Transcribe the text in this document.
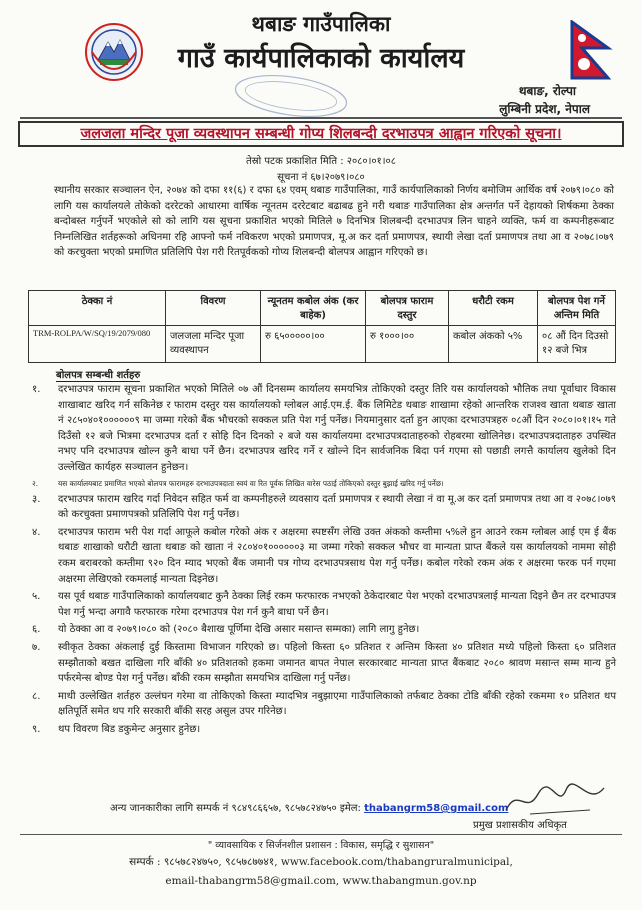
थबाङ गाउँपालिका
गाउँ कार्यपालिकाको कार्यालय
थबाङ, रोल्पा
लुम्बिनी प्रदेश, नेपाल
जलजला मन्दिर पूजा व्यवस्थापन सम्बन्धी गोप्य शिलबन्दी दरभाउपत्र आह्वान गरिएको सूचना।
तेस्रो पटक प्रकाशित मिति : २०८०।०१।०८
सूचना नं ६७।२०७९।०८०
स्थानीय सरकार सञ्चालन ऐन, २०७४ को दफा ११(६) र दफा ६४ एवम् थबाङ गाउँपालिका, गाउँ कार्यपालिकाको निर्णय बमोजिम आर्थिक वर्ष २०७९।०८० को लागि यस कार्यालयले तोकेको दररेटको आधारमा वार्षिक न्यूनतम दररेटबाट बढाबढ हुने गरी थबाङ गाउँपालिका क्षेत्र अन्तर्गत पर्ने देहायको शिर्षकमा ठेक्का बन्दोबस्त गर्नुपर्ने भएकोले सो को लागि यस सूचना प्रकाशित भएको मितिले ७ दिनभित्र शिलबन्दी दरभाउपत्र लिन चाहने व्यक्ति, फर्म वा कम्पनीहरूबाट निम्नलिखित शर्तहरूको अधिनमा रहि आफ्नो फर्म नविकरण भएको प्रमाणपत्र, मू.अ कर दर्ता प्रमाणपत्र, स्थायी लेखा दर्ता प्रमाणपत्र तथा आ व २०७८।०७९ को करचुक्ता भएको प्रमाणित प्रतिलिपि पेश गरी रितपूर्वकको गोप्य शिलबन्दी बोलपत्र आह्वान गरिएको छ।
ठेक्का नं	विवरण	न्यूनतम कबोल अंक (कर बाहेक)	बोलपत्र फाराम दस्तुर	धरौटी रकम	बोलपत्र पेश गर्ने अन्तिम मिति
TRM-ROLPA/W/SQ/19/2079/080	जलजला मन्दिर पूजा व्यवस्थापन	रु ६५०००००।००	रु १०००।००	कबोल अंकको ५%	०८ औं दिन दिउसो १२ बजे भित्र
बोलपत्र सम्बन्धी शर्तहरु
१. दरभाउपत्र फाराम सूचना प्रकाशित भएको मितिले ०७ औं दिनसम्म कार्यालय समयभित्र तोकिएको दस्तुर तिरि यस कार्यालयको भौतिक तथा पूर्वाधार विकास शाखाबाट खरिद गर्न सकिनेछ र फाराम दस्तुर यस कार्यालयको ग्लोबल आई.एम.ई. बैंक लिमिटेड थबाङ शाखामा रहेको आन्तरिक राजश्व खाता थबाङ खाता नं २८५०४०१००००००९ मा जम्मा गरेको बैंक भौचरको सक्कल प्रति पेश गर्नु पर्नेछ। नियमानुसार दर्ता हुन आएका दरभाउपत्रहरु ०८औं दिन २०८०।०१।१५ गते दिउँसो १२ बजे भित्रमा दरभाउपत्र दर्ता र सोहि दिन दिनको २ बजे यस कार्यालयमा दरभाउपत्रदाताहरुको रोहबरमा खोलिनेछ। दरभाउपत्रदाताहरु उपस्थित नभए पनि दरभाउपत्र खोल्न कुनै बाधा पर्ने छैन। दरभाउपत्र खरिद गर्ने र खोल्ने दिन सार्वजनिक बिदा पर्न गएमा सो पछाडी लगत्तै कार्यालय खुलेको दिन उल्लेखित कार्यहरु सञ्चालन हुनेछन।
२.	यस कार्यालयबाट प्रमाणित भएको बोलपत्र फारामहरु दरभाउपत्रदाता स्वयं वा रित पूर्वक लिखित वारेस पठाई तोकिएको दस्तुर बुझाई खरिद गर्नु पर्नेछ।
३. दरभाउपत्र फाराम खरिद गर्दा निवेदन सहित फर्म वा कम्पनीहरुले व्यवसाय दर्ता प्रमाणपत्र र स्थायी लेखा नं वा मू.अ कर दर्ता प्रमाणपत्र तथा आ व २०७८।०७९ को करचुक्ता प्रमाणपत्रको प्रतिलिपि पेश गर्नु पर्नेछ।
४. दरभाउपत्र फाराम भरी पेश गर्दा आफूले कबोल गरेको अंक र अक्षरमा स्पष्टसँग लेखि उक्त अंकको कम्तीमा ५%ले हुन आउने रकम ग्लोबल आई एम ई बैंक थबाङ शाखाको धरौटी खाता थबाङ को खाता नं २८०४०१००००००३ मा जम्मा गरेको सक्कल भौचर वा मान्यता प्राप्त बैंकले यस कार्यालयको नाममा सोही रकम बराबरको कम्तीमा ९२० दिन म्याद भएको बैंक जमानी पत्र गोप्य दरभाउपत्रसाथ पेश गर्नु पर्नेछ। कबोल गरेको रकम अंक र अक्षरमा फरक पर्न गएमा अक्षरमा लेखिएको रकमलाई मान्यता दिइनेछ।
५. यस पूर्व थबाङ गाउँपालिकाको कार्यालयबाट कुनै ठेक्का लिई रकम फरफारक नभएको ठेकेदारबाट पेश भएको दरभाउपत्रलाई मान्यता दिइने छैन तर दरभाउपत्र पेश गर्नु भन्दा अगावै फरफारक गरेमा दरभाउपत्र पेश गर्न कुनै बाधा पर्ने छैन।
६. यो ठेक्का आ व २०७९।०८० को (२०८० बैशाख पूर्णिमा देखि असार मसान्त सम्मका) लागि लागु हुनेछ।
७. स्वीकृत ठेक्का अंकलाई दुई किस्तामा विभाजन गरिएको छ। पहिलो किस्ता ६० प्रतिशत र अन्तिम किस्ता ४० प्रतिशत मध्ये पहिलो किस्ता ६० प्रतिशत सम्झौताको बखत दाखिला गरि बाँकी ४० प्रतिशतको हकमा जमानत बापत नेपाल सरकारबाट मान्यता प्राप्त बैंकबाट २०८० श्रावण मसान्त सम्म मान्य हुने पर्फरमेन्स बोण्ड पेश गर्नु पर्नेछ। बाँकी रकम सम्झौता समयभित्र दाखिला गर्नु पर्नेछ।
८. माथी उल्लेखित शर्तहरु उल्लंघन गरेमा वा तोकिएको किस्ता म्यादभित्र नबुझाएमा गाउँपालिकाको तर्फबाट ठेक्का टोडि बाँकी रहेको रकममा १० प्रतिशत थप क्षतिपूर्ति समेत थप गरि सरकारी बाँकी सरह असुल उपर गरिनेछ।
९. थप विवरण बिड डकुमेन्ट अनुसार हुनेछ।
अन्य जानकारीका लागि सम्पर्क नं ९८४९८६६५७, ९८५७८२४७५० इमेल: thabangrm58@gmail.com
प्रमुख प्रशासकीय अधिकृत
" व्यावसायिक र सिर्जनशील प्रशासन : विकास, समृद्धि र सुशासन"
सम्पर्क : ९८५७८२४७५०, ९८५७८७७४१, www.facebook.com/thabangruralmunicipal,
email-thabangrm58@gmail.com, www.thabangmun.gov.np
